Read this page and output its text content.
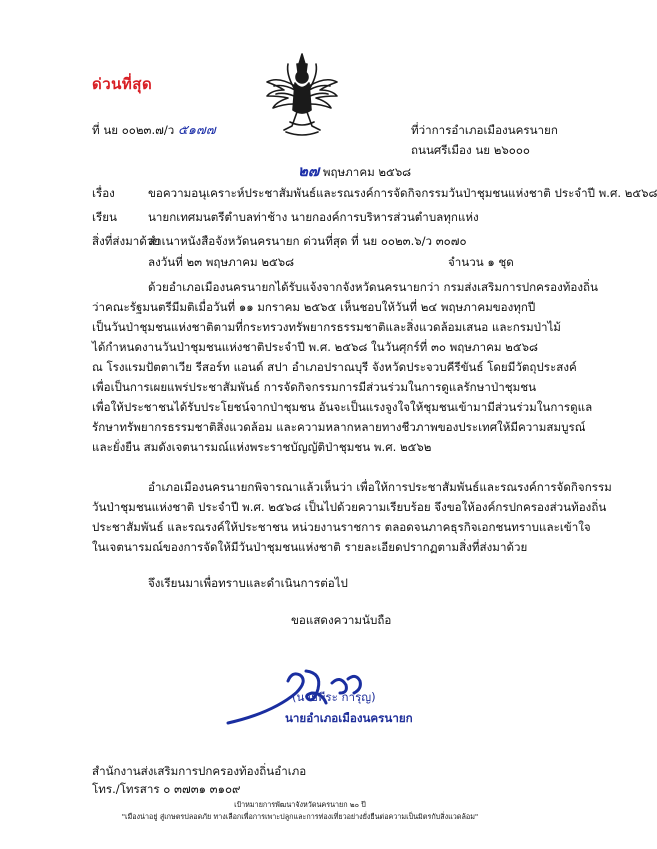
ด่วนที่สุด
ที่ นย ๐๐๒๓.๗/ว ๕๑๗๗	ที่ว่าการอำเภอเมืองนครนายก
ถนนศรีเมือง นย ๒๖๐๐๐
๒๗ พฤษภาคม ๒๕๖๘
เรื่อง	ขอความอนุเคราะห์ประชาสัมพันธ์และรณรงค์การจัดกิจกรรมวันป่าชุมชนแห่งชาติ ประจำปี พ.ศ. ๒๕๖๘
เรียน	นายกเทศมนตรีตำบลท่าช้าง นายกองค์การบริหารส่วนตำบลทุกแห่ง
สิ่งที่ส่งมาด้วย
สำเนาหนังสือจังหวัดนครนายก ด่วนที่สุด ที่ นย ๐๐๒๓.๖/ว ๓๐๗๐
จำนวน ๑ ชุด
ลงวันที่ ๒๓ พฤษภาคม ๒๕๖๘
ด้วยอำเภอเมืองนครนายกได้รับแจ้งจากจังหวัดนครนายกว่า กรมส่งเสริมการปกครองท้องถิ่น
ว่าคณะรัฐมนตรีมีมติเมื่อวันที่ ๑๑ มกราคม ๒๕๖๕ เห็นชอบให้วันที่ ๒๔ พฤษภาคมของทุกปี
เป็นวันป่าชุมชนแห่งชาติตามที่กระทรวงทรัพยากรธรรมชาติและสิ่งแวดล้อมเสนอ และกรมป่าไม้
ได้กำหนดงานวันป่าชุมชนแห่งชาติประจำปี พ.ศ. ๒๕๖๘ ในวันศุกร์ที่ ๓๐ พฤษภาคม ๒๕๖๘
ณ โรงแรมปัตตาเวีย รีสอร์ท แอนด์ สปา อำเภอปราณบุรี จังหวัดประจวบคีรีขันธ์ โดยมีวัตถุประสงค์
เพื่อเป็นการเผยแพร่ประชาสัมพันธ์ การจัดกิจกรรมการมีส่วนร่วมในการดูแลรักษาป่าชุมชน
เพื่อให้ประชาชนได้รับประโยชน์จากป่าชุมชน อันจะเป็นแรงจูงใจให้ชุมชนเข้ามามีส่วนร่วมในการดูแล
รักษาทรัพยากรธรรมชาติสิ่งแวดล้อม และความหลากหลายทางชีวภาพของประเทศให้มีความสมบูรณ์
และยั่งยืน สมดังเจตนารมณ์แห่งพระราชบัญญัติป่าชุมชน พ.ศ. ๒๕๖๒
อำเภอเมืองนครนายกพิจารณาแล้วเห็นว่า เพื่อให้การประชาสัมพันธ์และรณรงค์การจัดกิจกรรม
วันป่าชุมชนแห่งชาติ ประจำปี พ.ศ. ๒๕๖๘ เป็นไปด้วยความเรียบร้อย จึงขอให้องค์กรปกครองส่วนท้องถิ่น
ประชาสัมพันธ์ และรณรงค์ให้ประชาชน หน่วยงานราชการ ตลอดจนภาคธุรกิจเอกชนทราบและเข้าใจ
ในเจตนารมณ์ของการจัดให้มีวันป่าชุมชนแห่งชาติ รายละเอียดปรากฏตามสิ่งที่ส่งมาด้วย
จึงเรียนมาเพื่อทราบและดำเนินการต่อไป
ขอแสดงความนับถือ
(นายพีระ การุญ)
นายอำเภอเมืองนครนายก
สำนักงานส่งเสริมการปกครองท้องถิ่นอำเภอ
โทร./โทรสาร ๐ ๓๗๓๑ ๓๑๐๙
เป้าหมายการพัฒนาจังหวัดนครนายก ๒๐ ปี
"เมืองน่าอยู่ สู่เกษตรปลอดภัย ทางเลือกเพื่อการเพาะปลูกและการท่องเที่ยวอย่างยั่งยืนต่อความเป็นมิตรกับสิ่งแวดล้อม"
